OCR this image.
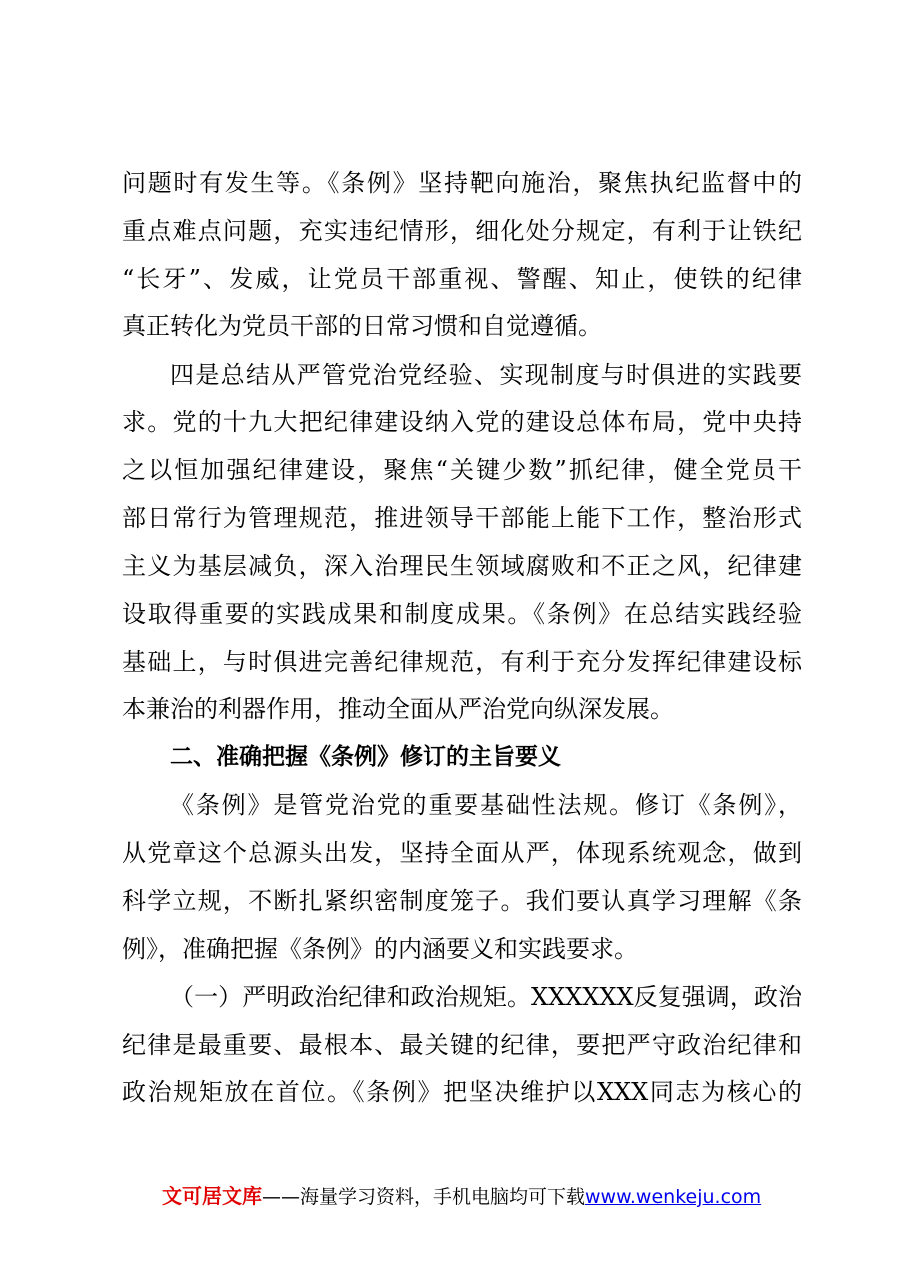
问题时有发生等。《条例》坚持靶向施治，聚焦执纪监督中的
重点难点问题，充实违纪情形，细化处分规定，有利于让铁纪
“长牙”、发威，让党员干部重视、警醒、知止，使铁的纪律
真正转化为党员干部的日常习惯和自觉遵循。
四是总结从严管党治党经验、实现制度与时俱进的实践要
求。党的十九大把纪律建设纳入党的建设总体布局，党中央持
之以恒加强纪律建设，聚焦“关键少数”抓纪律，健全党员干
部日常行为管理规范，推进领导干部能上能下工作，整治形式
主义为基层减负，深入治理民生领域腐败和不正之风，纪律建
设取得重要的实践成果和制度成果。《条例》在总结实践经验
基础上，与时俱进完善纪律规范，有利于充分发挥纪律建设标
本兼治的利器作用，推动全面从严治党向纵深发展。
二、准确把握《条例》修订的主旨要义
《条例》是管党治党的重要基础性法规。修订《条例》，
从党章这个总源头出发，坚持全面从严，体现系统观念，做到
科学立规，不断扎紧织密制度笼子。我们要认真学习理解《条
例》，准确把握《条例》的内涵要义和实践要求。
（一）严明政治纪律和政治规矩。XXXXXX反复强调，政治
纪律是最重要、最根本、最关键的纪律，要把严守政治纪律和
政治规矩放在首位。《条例》把坚决维护以XXX同志为核心的
文可居文库——海量学习资料，手机电脑均可下载www.wenkeju.com
